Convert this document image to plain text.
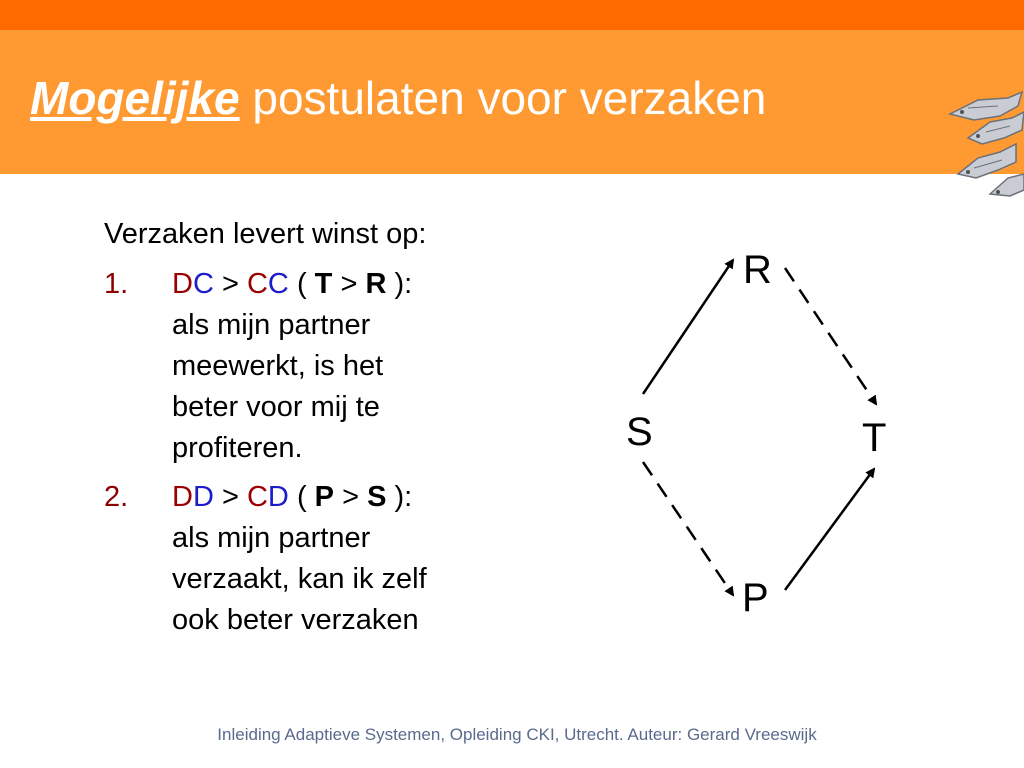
Mogelijke postulaten voor verzaken
Verzaken levert winst op:
1. DC > CC ( T > R ):
als mijn partner
meewerkt, is het
beter voor mij te
profiteren.
2. DD > CD ( P > S ):
als mijn partner
verzaakt, kan ik zelf
ook beter verzaken
R
S	T
P
Inleiding Adaptieve Systemen, Opleiding CKI, Utrecht. Auteur: Gerard Vreeswijk
